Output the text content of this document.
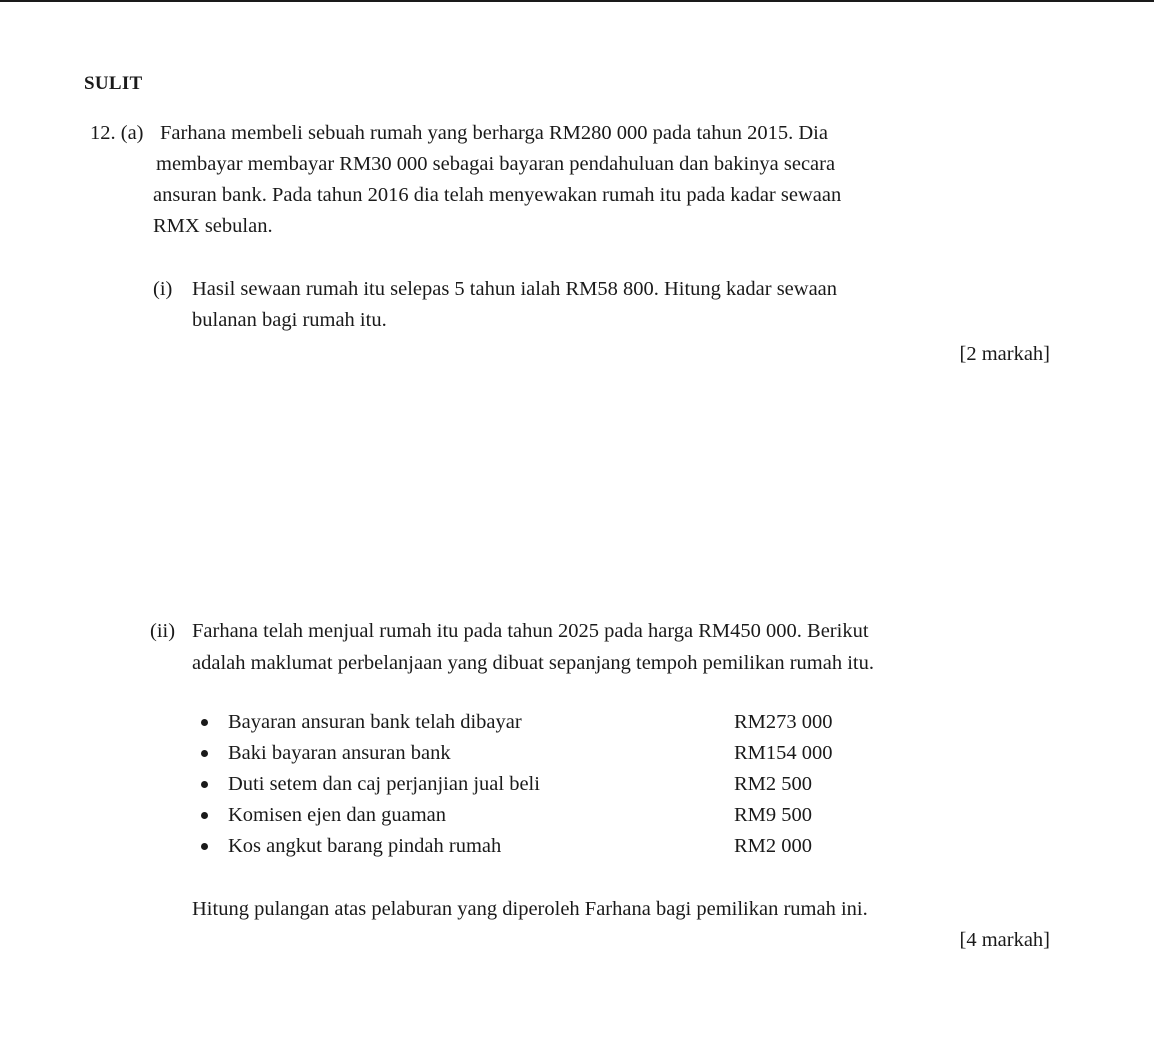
SULIT
12. (a) Farhana membeli sebuah rumah yang berharga RM280 000 pada tahun 2015. Dia
membayar membayar RM30 000 sebagai bayaran pendahuluan dan bakinya secara
ansuran bank. Pada tahun 2016 dia telah menyewakan rumah itu pada kadar sewaan
RMX sebulan.
(i) Hasil sewaan rumah itu selepas 5 tahun ialah RM58 800. Hitung kadar sewaan
bulanan bagi rumah itu.
[2 markah]
(ii) Farhana telah menjual rumah itu pada tahun 2025 pada harga RM450 000. Berikut
adalah maklumat perbelanjaan yang dibuat sepanjang tempoh pemilikan rumah itu.
Bayaran ansuran bank telah dibayar	RM273 000
Baki bayaran ansuran bank	RM154 000
Duti setem dan caj perjanjian jual beli	RM2 500
Komisen ejen dan guaman	RM9 500
Kos angkut barang pindah rumah	RM2 000
Hitung pulangan atas pelaburan yang diperoleh Farhana bagi pemilikan rumah ini.
[4 markah]
